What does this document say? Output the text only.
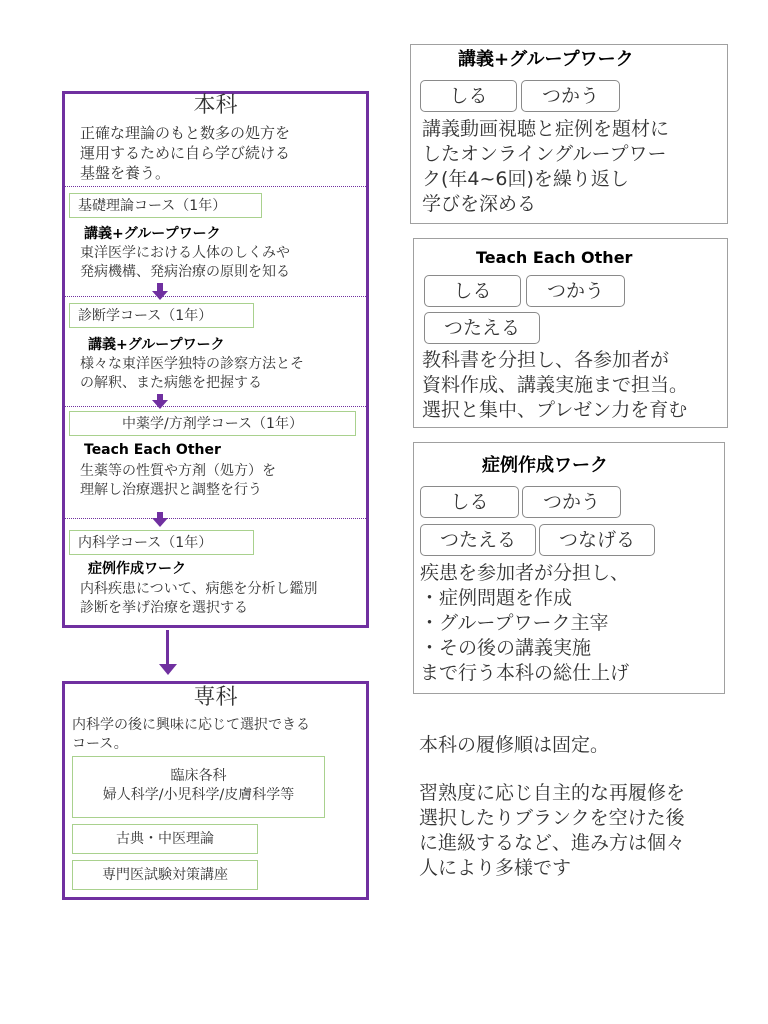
本科
正確な理論のもと数多の処方を
運用するために自ら学び続ける
基盤を養う。
基礎理論コース（1年）
講義+グループワーク
東洋医学における人体のしくみや
発病機構、発病治療の原則を知る
診断学コース（1年）
講義+グループワーク
様々な東洋医学独特の診察方法とそ
の解釈、また病態を把握する
中薬学/方剤学コース（1年）
Teach Each Other
生薬等の性質や方剤（処方）を
理解し治療選択と調整を行う
内科学コース（1年）
症例作成ワーク
内科疾患について、病態を分析し鑑別
診断を挙げ治療を選択する
専科
内科学の後に興味に応じて選択できる
コース。
臨床各科
婦人科学/小児科学/皮膚科学等
古典・中医理論
専門医試験対策講座
講義+グループワーク
しる	つかう
講義動画視聴と症例を題材に
したオンライングループワー
ク(年4~6回)を繰り返し
学びを深める
Teach Each Other
しる	つかう
つたえる
教科書を分担し、各参加者が
資料作成、講義実施まで担当。
選択と集中、プレゼン力を育む
症例作成ワーク
しる	つかう
つたえる	つなげる
疾患を参加者が分担し、
・症例問題を作成
・グループワーク主宰
・その後の講義実施
まで行う本科の総仕上げ
本科の履修順は固定。
習熟度に応じ自主的な再履修を
選択したりブランクを空けた後
に進級するなど、進み方は個々
人により多様です
